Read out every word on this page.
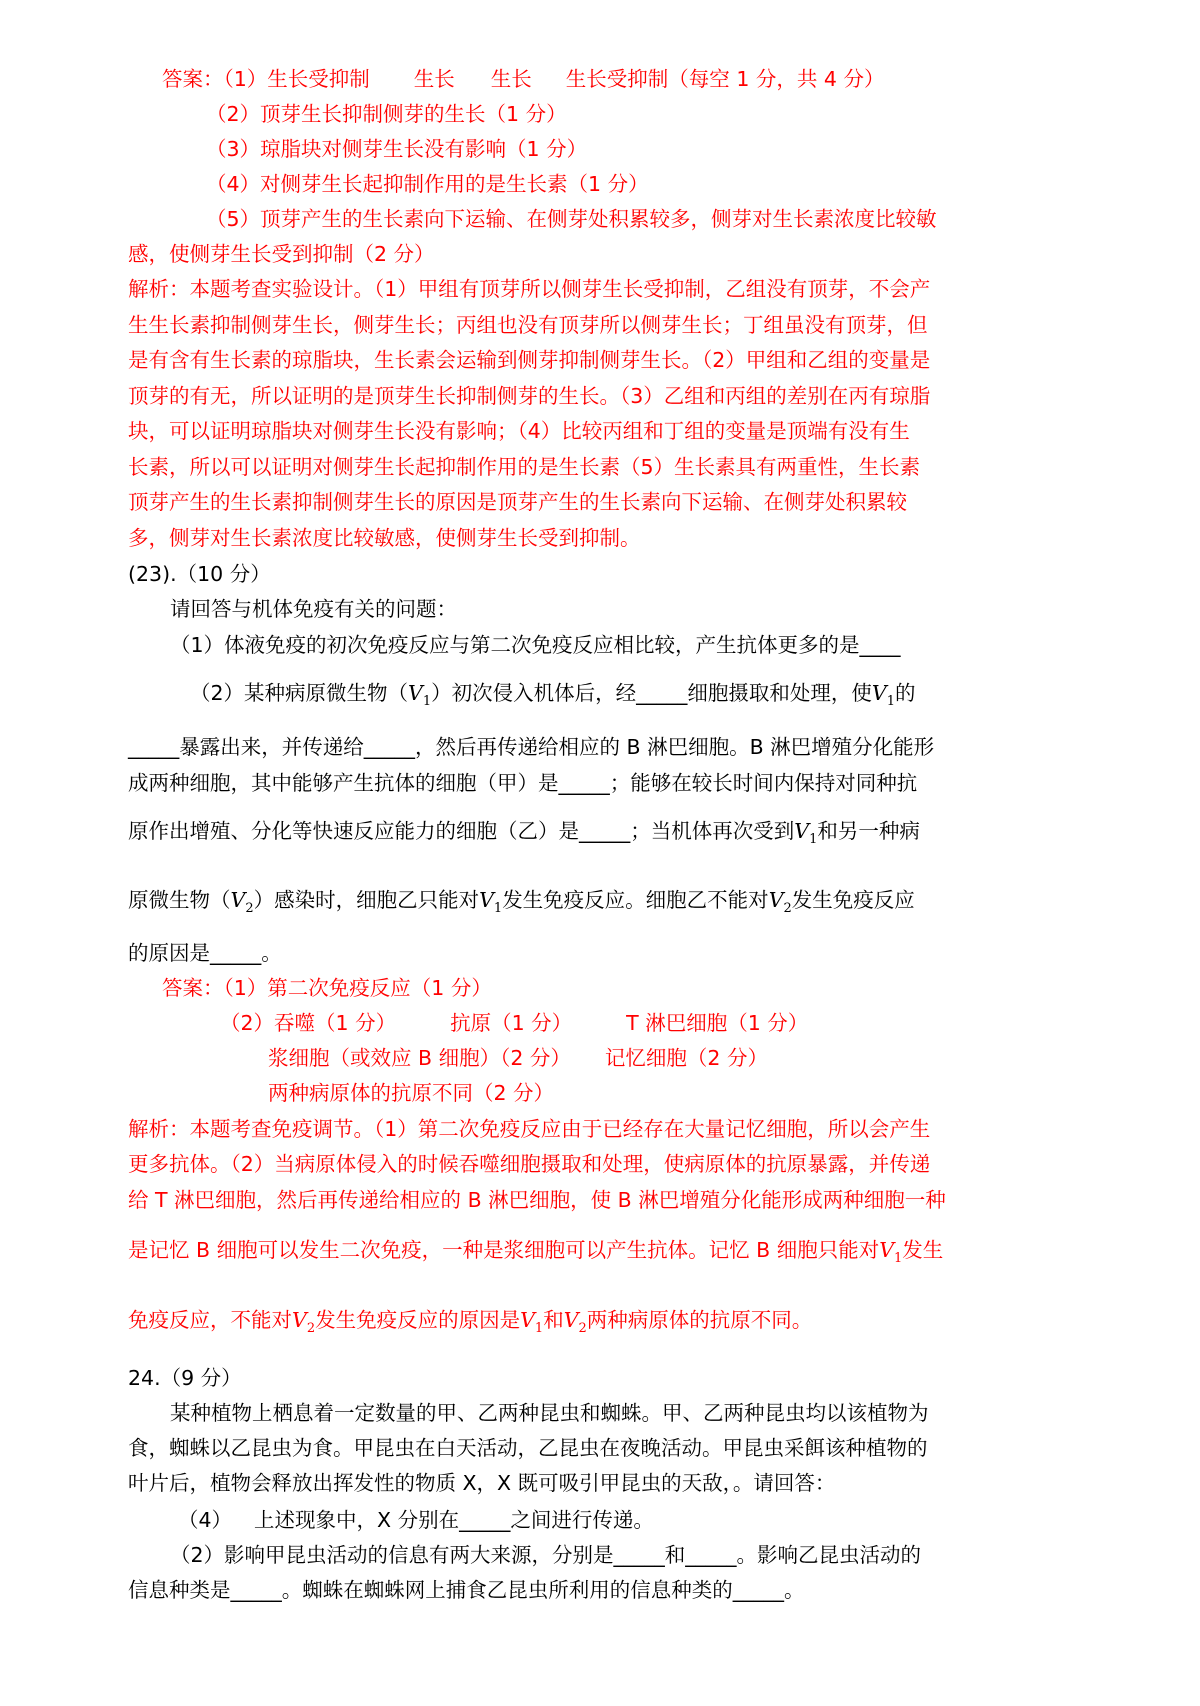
答案：（1）生长受抑制 生长 生长 生长受抑制（每空 1 分，共 4 分）
（2）顶芽生长抑制侧芽的生长（1 分）
（3）琼脂块对侧芽生长没有影响（1 分）
（4）对侧芽生长起抑制作用的是生长素（1 分）
（5）顶芽产生的生长素向下运输、在侧芽处积累较多，侧芽对生长素浓度比较敏
感，使侧芽生长受到抑制（2 分）
解析：本题考查实验设计。（1）甲组有顶芽所以侧芽生长受抑制，乙组没有顶芽，不会产
生生长素抑制侧芽生长，侧芽生长；丙组也没有顶芽所以侧芽生长；丁组虽没有顶芽，但
是有含有生长素的琼脂块，生长素会运输到侧芽抑制侧芽生长。（2）甲组和乙组的变量是
顶芽的有无，所以证明的是顶芽生长抑制侧芽的生长。（3）乙组和丙组的差别在丙有琼脂
块，可以证明琼脂块对侧芽生长没有影响；（4）比较丙组和丁组的变量是顶端有没有生
长素，所以可以证明对侧芽生长起抑制作用的是生长素（5）生长素具有两重性，生长素
顶芽产生的生长素抑制侧芽生长的原因是顶芽产生的生长素向下运输、在侧芽处积累较
多，侧芽对生长素浓度比较敏感，使侧芽生长受到抑制。
(23).（10 分）
请回答与机体免疫有关的问题：
（1）体液免疫的初次免疫反应与第二次免疫反应相比较，产生抗体更多的是____
（2）某种病原微生物$(V_1)$初次侵入机体后，经_____细胞摄取和处理，使$V_1$的
_____暴露出来，并传递给_____，然后再传递给相应的 B 淋巴细胞。B 淋巴增殖分化能形
成两种细胞，其中能够产生抗体的细胞（甲）是_____；能够在较长时间内保持对同种抗
原作出增殖、分化等快速反应能力的细胞（乙）是_____；当机体再次受到$V_1$和另一种病
原微生物$(V_2)$感染时，细胞乙只能对$V_1$发生免疫反应。细胞乙不能对$V_2$发生免疫反应
的原因是_____。
答案：（1）第二次免疫反应（1 分）
（2）吞噬（1 分）	抗原（1 分）	T 淋巴细胞（1 分）
浆细胞（或效应 B 细胞）（2 分） 记忆细胞（2 分）
两种病原体的抗原不同（2 分）
解析：本题考查免疫调节。（1）第二次免疫反应由于已经存在大量记忆细胞，所以会产生
更多抗体。（2）当病原体侵入的时候吞噬细胞摄取和处理，使病原体的抗原暴露，并传递
给 T 淋巴细胞，然后再传递给相应的 B 淋巴细胞，使 B 淋巴增殖分化能形成两种细胞一种
是记忆 B 细胞可以发生二次免疫，一种是浆细胞可以产生抗体。记忆 B 细胞只能对$V_1$发生
免疫反应，不能对$V_2$发生免疫反应的原因是$V_1$和$V_2$两种病原体的抗原不同。
24.（9 分）
某种植物上栖息着一定数量的甲、乙两种昆虫和蜘蛛。甲、乙两种昆虫均以该植物为
食，蜘蛛以乙昆虫为食。甲昆虫在白天活动，乙昆虫在夜晚活动。甲昆虫采餌该种植物的
叶片后，植物会释放出挥发性的物质 X，X 既可吸引甲昆虫的天敌，。请回答：
（4） 上述现象中，X 分别在_____之间进行传递。
（2）影响甲昆虫活动的信息有两大来源，分别是_____和_____。影响乙昆虫活动的
信息种类是_____。蜘蛛在蜘蛛网上捕食乙昆虫所利用的信息种类的_____。
